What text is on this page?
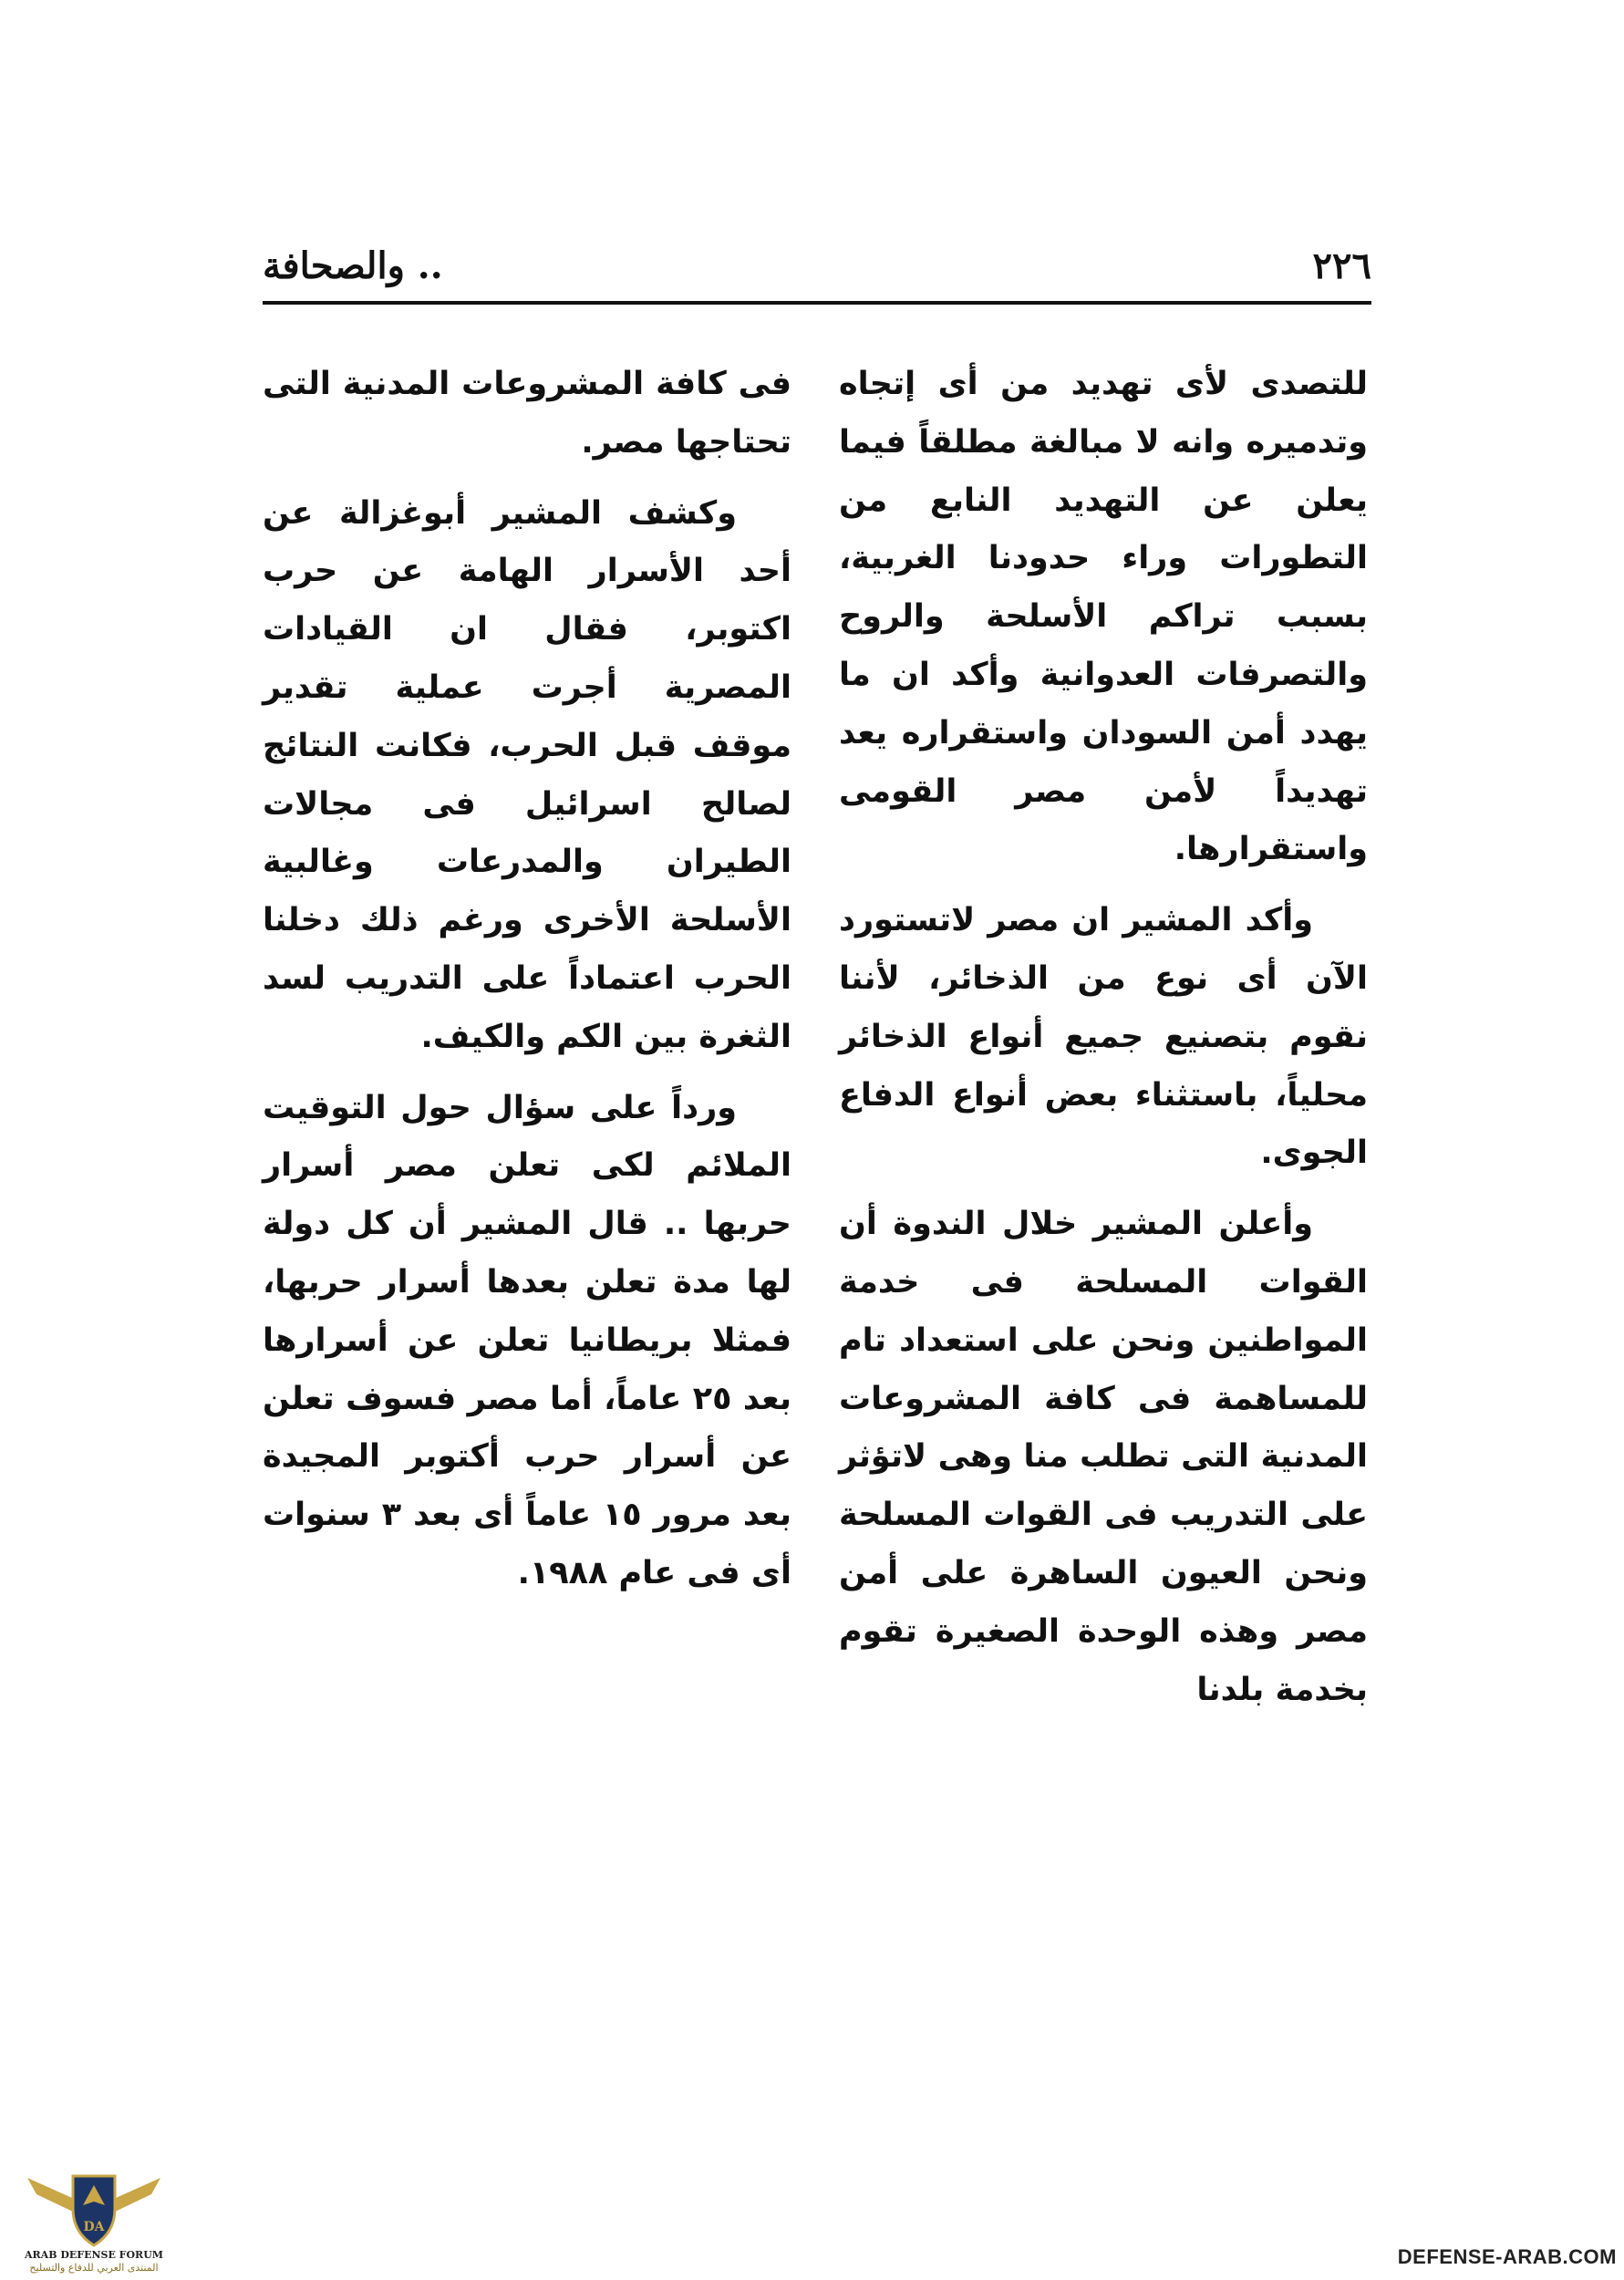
٢٢٦
.. والصحافة

للتصدى لأى تهديد من أى إتجاه وتدميره وانه لا مبالغة مطلقاً فيما يعلن عن التهديد النابع من التطورات وراء حدودنا الغربية، بسبب تراكم الأسلحة والروح والتصرفات العدوانية وأكد ان ما يهدد أمن السودان واستقراره يعد تهديداً لأمن مصر القومى واستقرارها.

وأكد المشير ان مصر لاتستورد الآن أى نوع من الذخائر، لأننا نقوم بتصنيع جميع أنواع الذخائر محلياً، باستثناء بعض أنواع الدفاع الجوى.

وأعلن المشير خلال الندوة أن القوات المسلحة فى خدمة المواطنين ونحن على استعداد تام للمساهمة فى كافة المشروعات المدنية التى تطلب منا وهى لاتؤثر على التدريب فى القوات المسلحة ونحن العيون الساهرة على أمن مصر وهذه الوحدة الصغيرة تقوم بخدمة بلدنا

فى كافة المشروعات المدنية التى تحتاجها مصر.

وكشف المشير أبوغزالة عن أحد الأسرار الهامة عن حرب اكتوبر، فقال ان القيادات المصرية أجرت عملية تقدير موقف قبل الحرب، فكانت النتائج لصالح اسرائيل فى مجالات الطيران والمدرعات وغالبية الأسلحة الأخرى ورغم ذلك دخلنا الحرب اعتماداً على التدريب لسد الثغرة بين الكم والكيف.

ورداً على سؤال حول التوقيت الملائم لكى تعلن مصر أسرار حربها .. قال المشير أن كل دولة لها مدة تعلن بعدها أسرار حربها، فمثلا بريطانيا تعلن عن أسرارها بعد ٢٥ عاماً، أما مصر فسوف تعلن عن أسرار حرب أكتوبر المجيدة بعد مرور ١٥ عاماً أى بعد ٣ سنوات أى فى عام ١٩٨٨.

DA
ARAB DEFENSE FORUM
المنتدى العربي للدفاع والتسليح	DEFENSE-ARAB.COM
